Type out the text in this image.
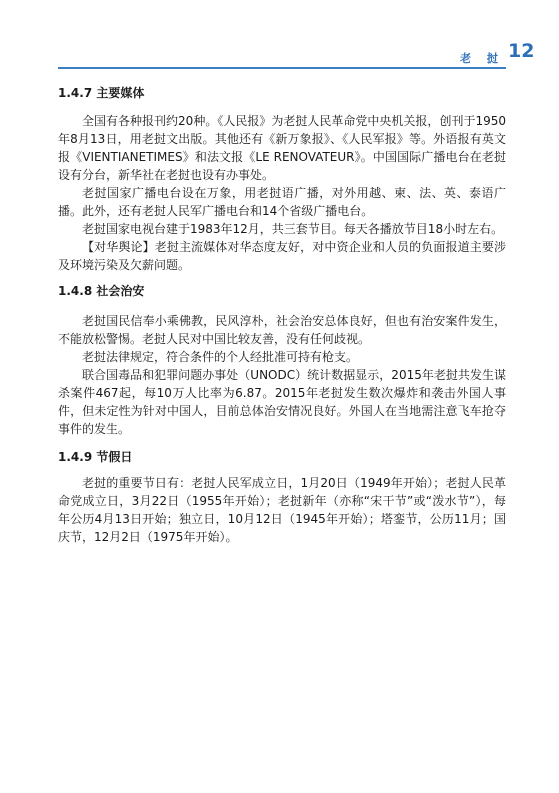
老 挝 12

1.4.7 主要媒体

全国有各种报刊约20种。《人民报》为老挝人民革命党中央机关报，创刊于1950年8月13日，用老挝文出版。其他还有《新万象报》、《人民军报》等。外语报有英文报《VIENTIANETIMES》和法文报《LE RENOVATEUR》。中国国际广播电台在老挝设有分台，新华社在老挝也设有办事处。

老挝国家广播电台设在万象，用老挝语广播，对外用越、柬、法、英、泰语广播。此外，还有老挝人民军广播电台和14个省级广播电台。

老挝国家电视台建于1983年12月，共三套节目。每天各播放节目18小时左右。

【对华舆论】老挝主流媒体对华态度友好，对中资企业和人员的负面报道主要涉及环境污染及欠薪问题。

1.4.8 社会治安

老挝国民信奉小乘佛教，民风淳朴，社会治安总体良好，但也有治安案件发生，不能放松警惕。老挝人民对中国比较友善，没有任何歧视。

老挝法律规定，符合条件的个人经批准可持有枪支。

联合国毒品和犯罪问题办事处（UNODC）统计数据显示，2015年老挝共发生谋杀案件467起，每10万人比率为6.87。2015年老挝发生数次爆炸和袭击外国人事件，但未定性为针对中国人，目前总体治安情况良好。外国人在当地需注意飞车抢夺事件的发生。

1.4.9 节假日

老挝的重要节日有：老挝人民军成立日，1月20日（1949年开始）；老挝人民革命党成立日，3月22日（1955年开始）；老挝新年（亦称“宋干节”或“泼水节”），每年公历4月13日开始；独立日，10月12日（1945年开始）；塔銮节，公历11月；国庆节，12月2日（1975年开始）。
